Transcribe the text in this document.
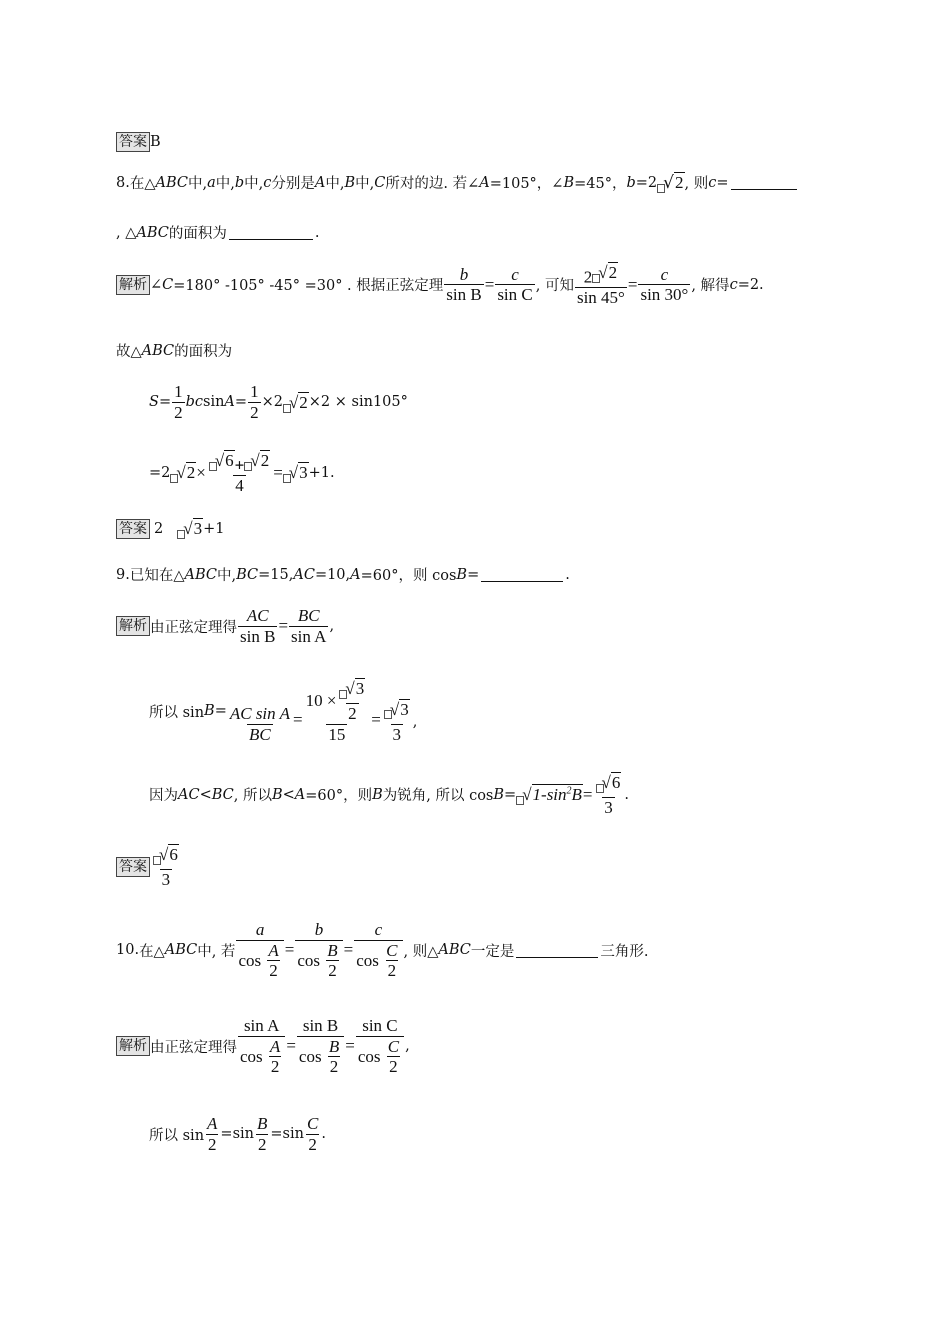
答案 B
8. 在△ ABC 中, a 中, b 中, c 分别是 A 中, B 中, C 所对的边. 若∠ A =105°，∠ B =45°， b =2 √ 2 , 则 c =
, △ ABC 的面积为	.
解析 ∠ C =180° -105° -45° =30° . 根据正弦定理 $\frac{b}{\text{sin B}} = \frac{c}{\text{sin C}}$ , 可知 $\frac{2 √ 2}{\sin 45^\circ} = \frac{c}{\sin 30^\circ}$ , 解得 c =2.
故△ ABC 的面积为
$S = \frac{1}{2}$ bc $\sin A = \frac{1}{2} \times 2$ √ 2 ×2 × sin105°
=2 √ $2 \times \frac{√ 6 + √ 2}{4}$ = √ 3 +1.
答案 2 √ 3 +1
9. 已知在△ ABC 中, BC =15, AC =10, A =60°，则 cos B =	.
解析 由正弦定理得 $\frac{AC}{\text{sin B}} = \frac{BC}{\text{sin A}}$ ,
所以 $\sin B = \frac{\text{AC sin A}}{BC} = \frac{10 \times \frac{√ 3}{2}}{15} = \frac{√ 3}{3}$ ,
因为 AC<BC , 所以 B<A =60°，则 B 为锐角, 所以 cos B = √ $1-\sin^2B = \frac{√ 6}{3}$ .
答案 $\frac{√ 6}{3}$
10. 在△ ABC 中, 若 a
cos
$\frac{A}{2} = b$
cos
$\frac{B}{2} = c$
cos
$\frac{C}{2}$ , 则△ ABC 一定是	三角形.
解析 由正弦定理得 sin A
cos
$\frac{A}{2} = \sin B$
cos
$\frac{B}{2} = \sin C$
cos
$\frac{C}{2}$ ,
所以 $\sin \frac{A}{2} =\sin \frac{B}{2} =\sin \frac{C}{2}$ .
